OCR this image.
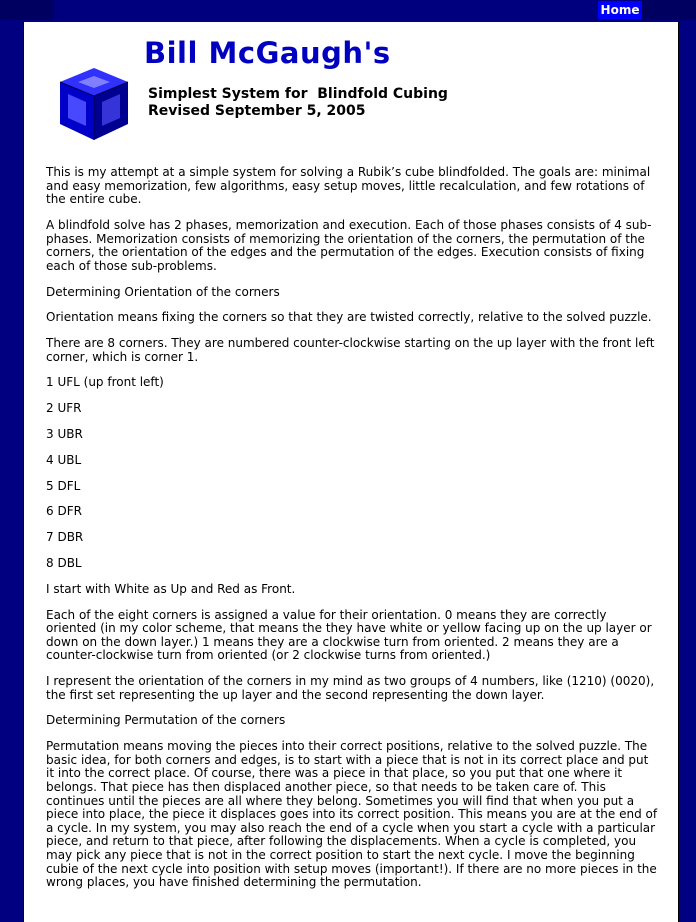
Home
Bill McGaugh's
Simplest System for  Blindfold Cubing
Revised September 5, 2005

This is my attempt at a simple system for solving a Rubik’s cube blindfolded. The goals are: minimal and easy memorization, few algorithms, easy setup moves, little recalculation, and few rotations of the entire cube.

A blindfold solve has 2 phases, memorization and execution. Each of those phases consists of 4 sub-phases. Memorization consists of memorizing the orientation of the corners, the permutation of the corners, the orientation of the edges and the permutation of the edges. Execution consists of fixing each of those sub-problems.

Determining Orientation of the corners

Orientation means fixing the corners so that they are twisted correctly, relative to the solved puzzle.

There are 8 corners. They are numbered counter-clockwise starting on the up layer with the front left corner, which is corner 1.

1 UFL (up front left)

2 UFR

3 UBR

4 UBL

5 DFL

6 DFR

7 DBR

8 DBL

I start with White as Up and Red as Front.

Each of the eight corners is assigned a value for their orientation. 0 means they are correctly oriented (in my color scheme, that means the they have white or yellow facing up on the up layer or down on the down layer.) 1 means they are a clockwise turn from oriented. 2 means they are a counter-clockwise turn from oriented (or 2 clockwise turns from oriented.)

I represent the orientation of the corners in my mind as two groups of 4 numbers, like (1210) (0020), the first set representing the up layer and the second representing the down layer.

Determining Permutation of the corners

Permutation means moving the pieces into their correct positions, relative to the solved puzzle. The basic idea, for both corners and edges, is to start with a piece that is not in its correct place and put it into the correct place. Of course, there was a piece in that place, so you put that one where it belongs. That piece has then displaced another piece, so that needs to be taken care of. This continues until the pieces are all where they belong. Sometimes you will find that when you put a piece into place, the piece it displaces goes into its correct position. This means you are at the end of a cycle. In my system, you may also reach the end of a cycle when you start a cycle with a particular piece, and return to that piece, after following the displacements. When a cycle is completed, you may pick any piece that is not in the correct position to start the next cycle. I move the beginning cubie of the next cycle into position with setup moves (important!). If there are no more pieces in the wrong places, you have finished determining the permutation.
